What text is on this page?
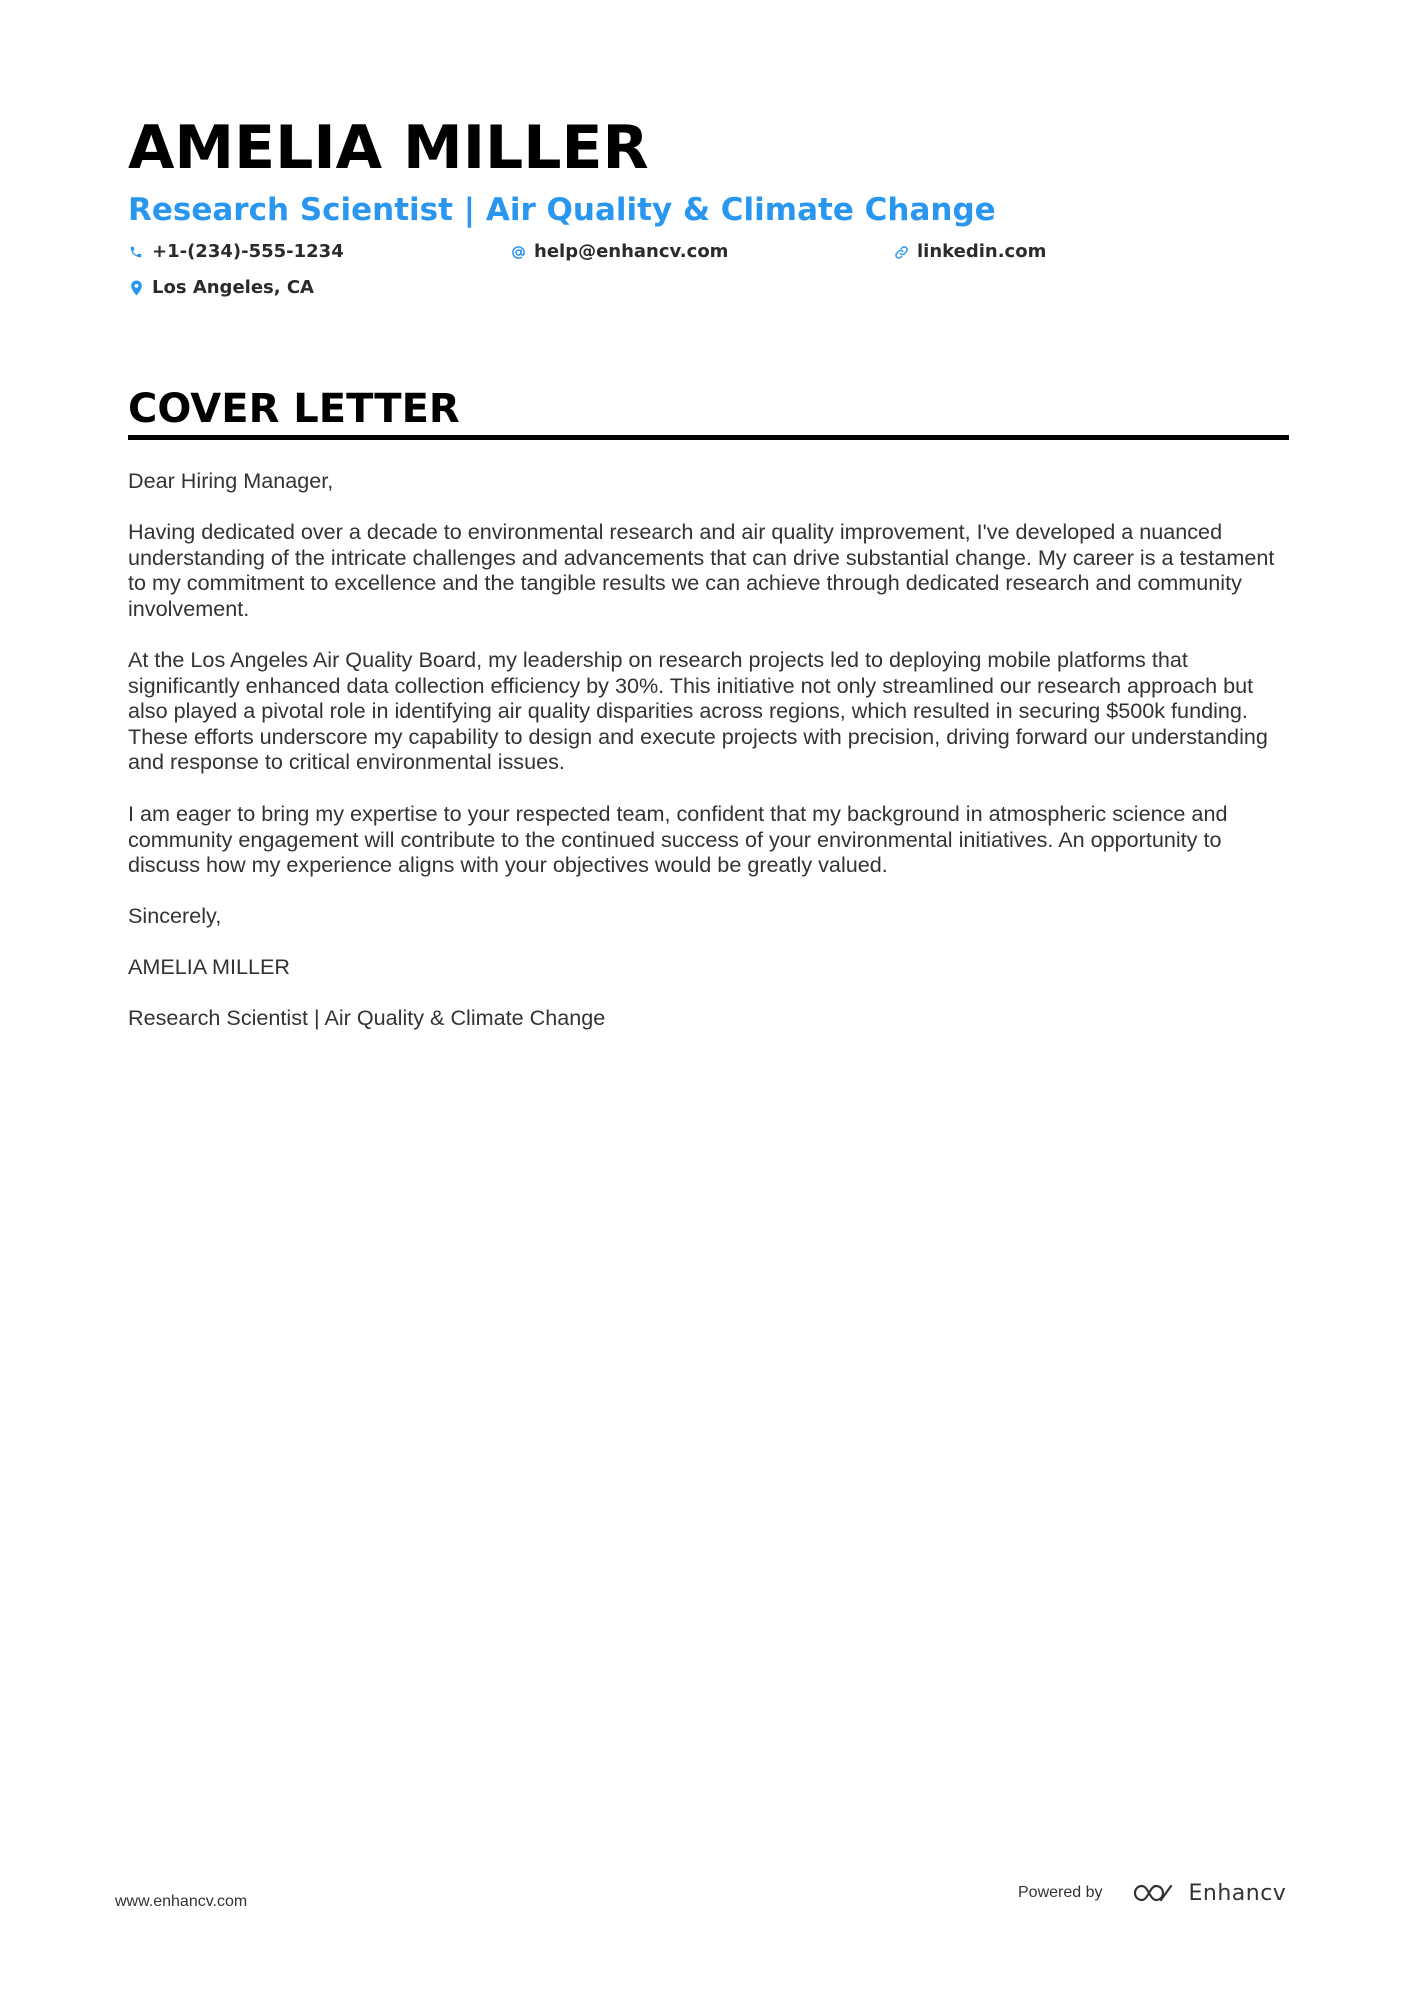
AMELIA MILLER
Research Scientist | Air Quality & Climate Change
+1-(234)-555-1234	help@enhancv.com	linkedin.com
Los Angeles, CA
COVER LETTER

Dear Hiring Manager,

Having dedicated over a decade to environmental research and air quality improvement, I've developed a nuanced understanding of the intricate challenges and advancements that can drive substantial change. My career is a testament to my commitment to excellence and the tangible results we can achieve through dedicated research and community involvement.

At the Los Angeles Air Quality Board, my leadership on research projects led to deploying mobile platforms that significantly enhanced data collection efficiency by 30%. This initiative not only streamlined our research approach but also played a pivotal role in identifying air quality disparities across regions, which resulted in securing $500k funding. These efforts underscore my capability to design and execute projects with precision, driving forward our understanding and response to critical environmental issues.

I am eager to bring my expertise to your respected team, confident that my background in atmospheric science and community engagement will contribute to the continued success of your environmental initiatives. An opportunity to discuss how my experience aligns with your objectives would be greatly valued.

Sincerely,

AMELIA MILLER

Research Scientist | Air Quality & Climate Change

www.enhancv.com
Powered by	Enhancv
